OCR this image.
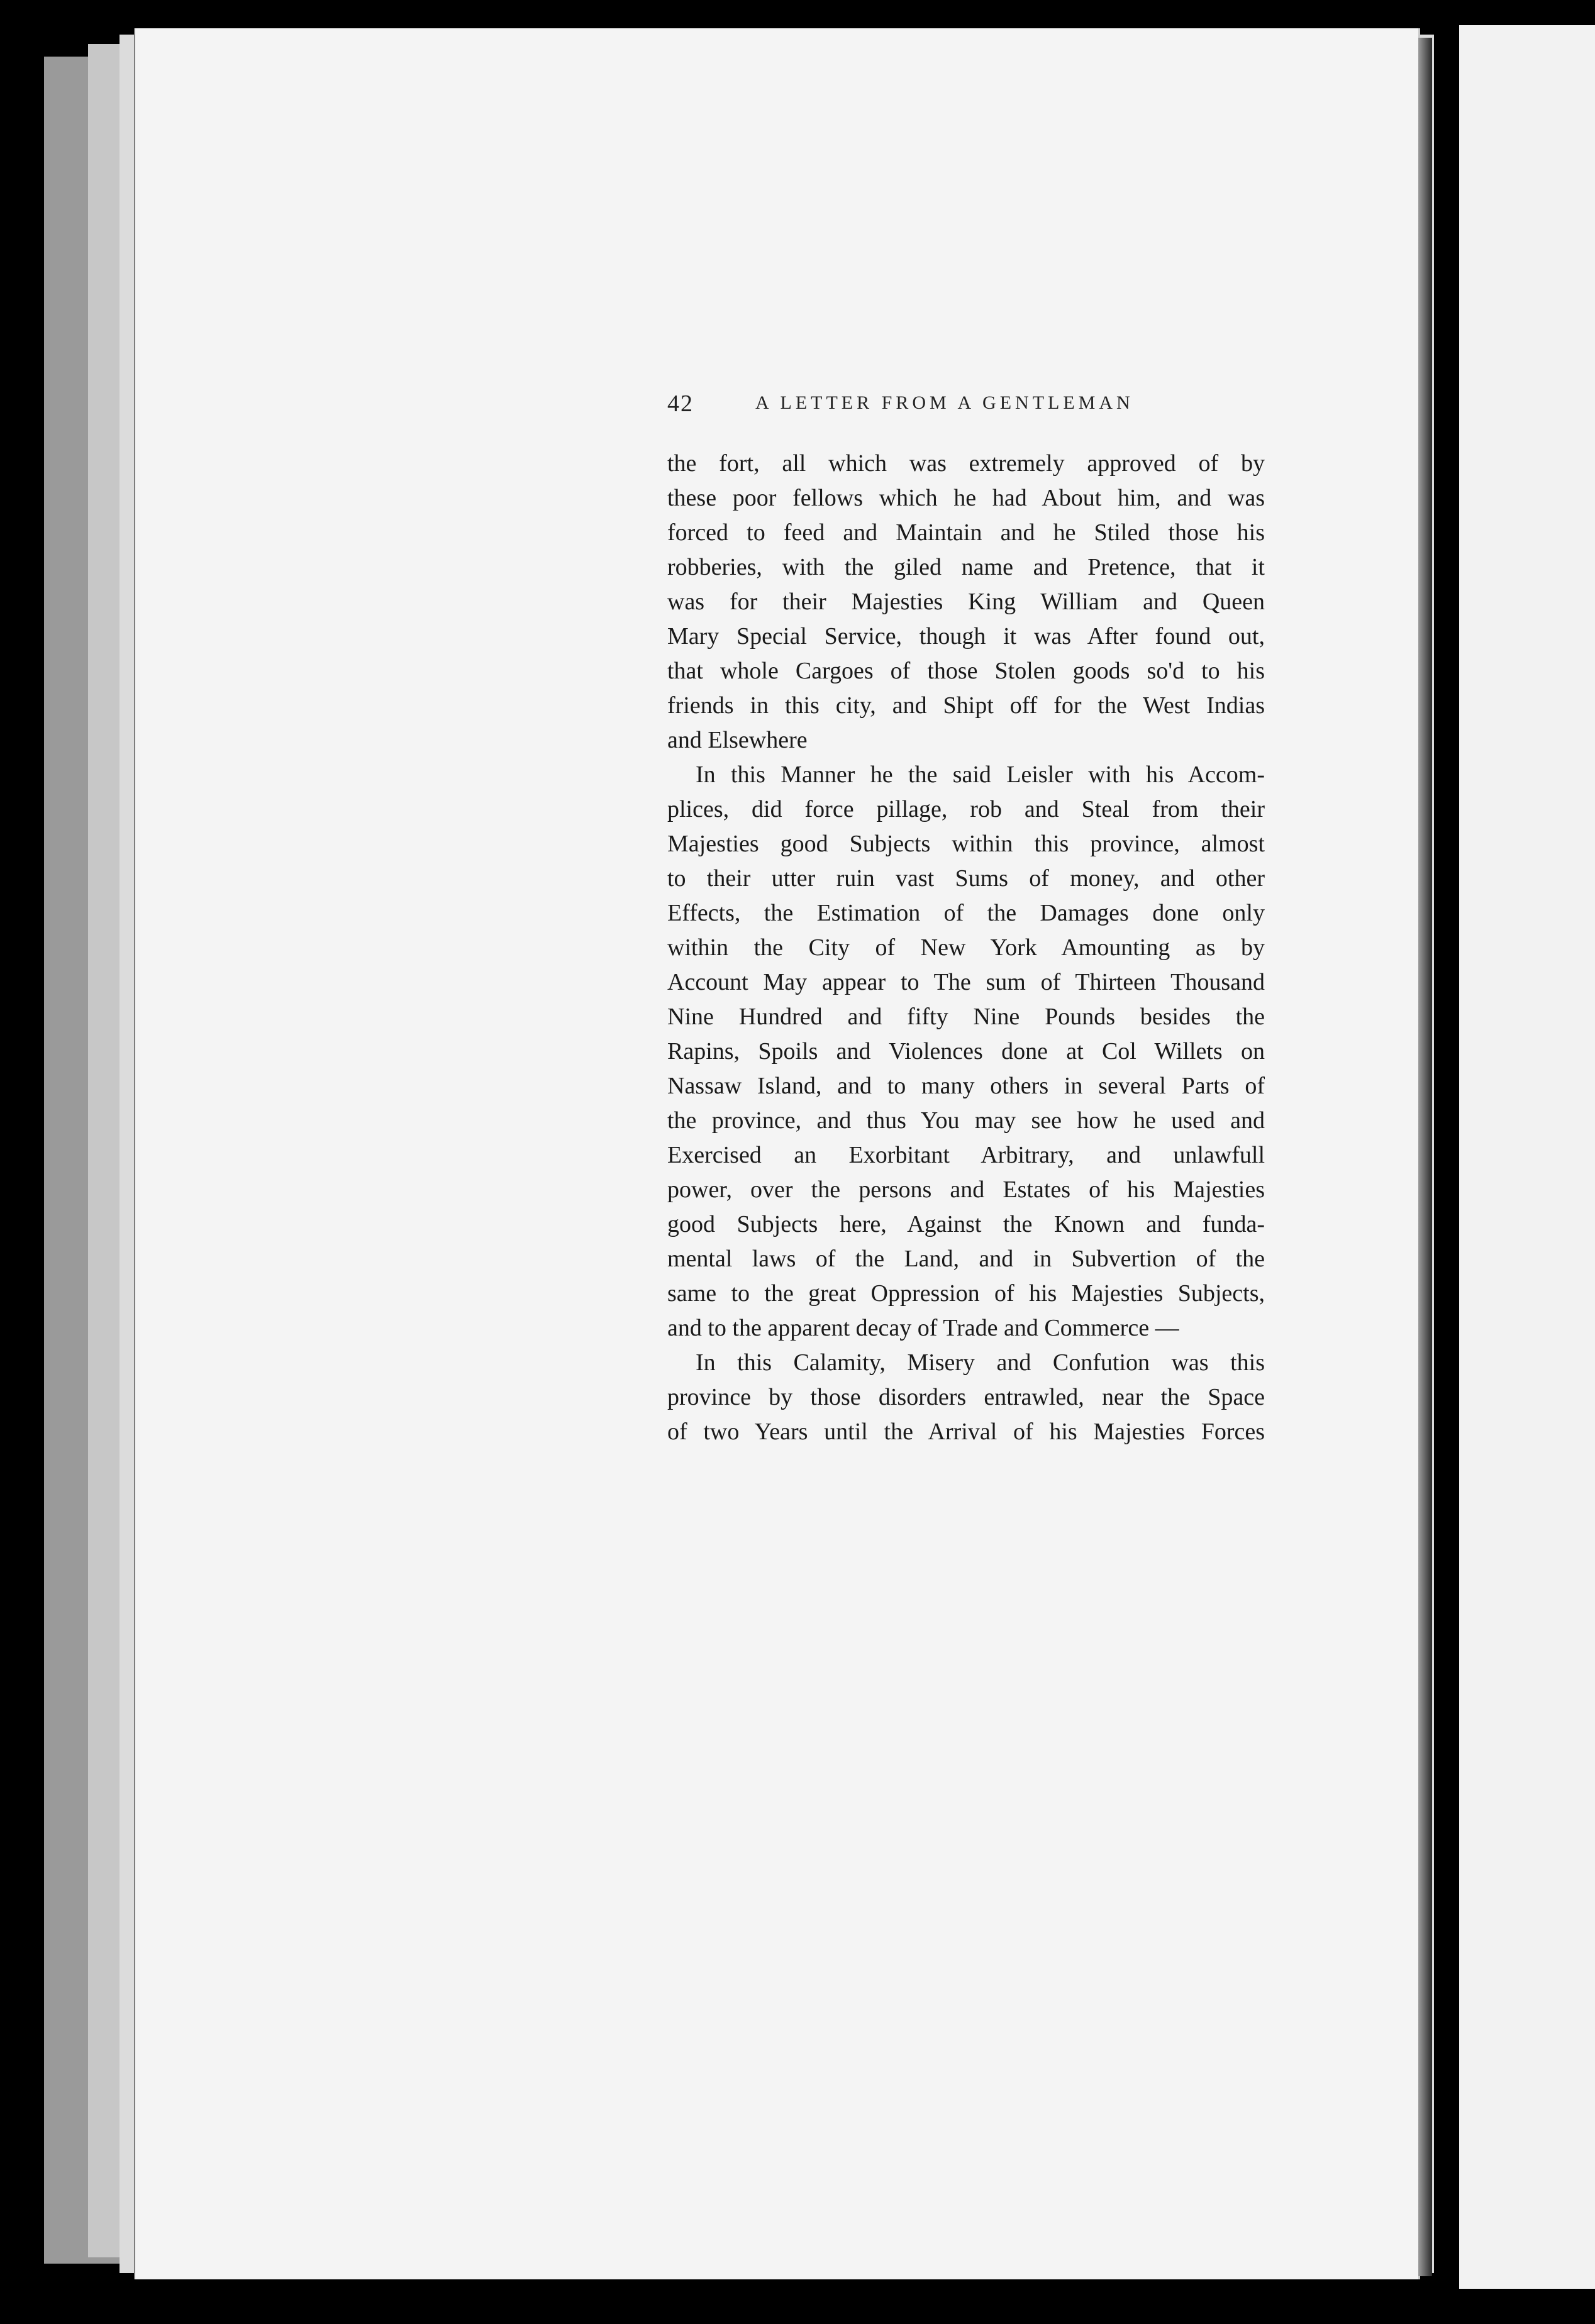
42	A LETTER FROM A GENTLEMAN
the fort, all which was extremely approved of by
these poor fellows which he had About him, and was
forced to feed and Maintain and he Stiled those his
robberies, with the giled name and Pretence, that it
was for their Majesties King William and Queen
Mary Special Service, though it was After found out,
that whole Cargoes of those Stolen goods so'd to his
friends in this city, and Shipt off for the West Indias
and Elsewhere
In this Manner he the said Leisler with his Accom-
plices, did force pillage, rob and Steal from their
Majesties good Subjects within this province, almost
to their utter ruin vast Sums of money, and other
Effects, the Estimation of the Damages done only
within the City of New York Amounting as by
Account May appear to The sum of Thirteen Thousand
Nine Hundred and fifty Nine Pounds besides the
Rapins, Spoils and Violences done at Col Willets on
Nassaw Island, and to many others in several Parts of
the province, and thus You may see how he used and
Exercised an Exorbitant Arbitrary, and unlawfull
power, over the persons and Estates of his Majesties
good Subjects here, Against the Known and funda-
mental laws of the Land, and in Subvertion of the
same to the great Oppression of his Majesties Subjects,
and to the apparent decay of Trade and Commerce —
In this Calamity, Misery and Confution was this
province by those disorders entrawled, near the Space
of two Years until the Arrival of his Majesties Forces
